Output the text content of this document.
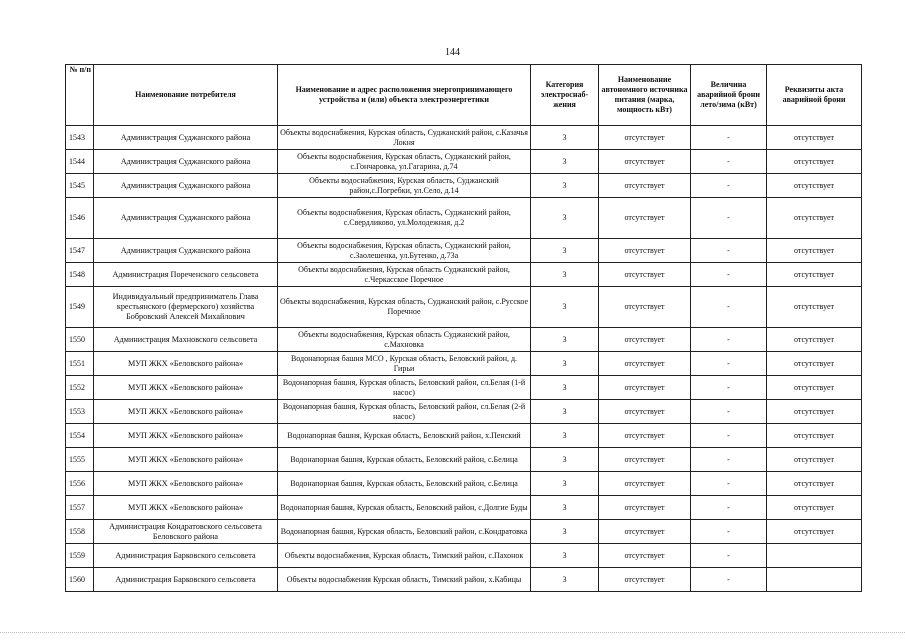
144
№ п/п	Наименование потребителя	Наименование и адрес расположения энергопринимающего устройства и (или) объекта электроэнергетики	Категория электроснаб-жения	Наименование автономного источника питания (марка, мощность кВт)	Величина аварийной брони лето/зима (кВт)	Реквизиты акта аварийной брони
1543	Администрация Суджанского района	Объекты водоснабжения, Курская область, Суджанский район, с.Казачья Локня	3	отсутствует	-	отсутствует
1544	Администрация Суджанского района	Объекты водоснабжения, Курская область, Суджанский район, с.Гончаровка, ул.Гагарина, д.74	3	отсутствует	-	отсутствует
1545	Администрация Суджанского района	Объекты водоснабжения, Курская область, Суджанский район,с.Погребки, ул.Село, д.14	3	отсутствует	-	отсутствует
1546	Администрация Суджанского района	Объекты водоснабжения, Курская область, Суджанский район, с.Свердликово, ул.Молодежная, д.2	3	отсутствует	-	отсутствует
1547	Администрация Суджанского района	Объекты водоснабжения, Курская область, Суджанский район, с.Заолешенка, ул.Бутенко, д.73а	3	отсутствует	-	отсутствует
1548	Администрация Пореченского сельсовета	Объекты водоснабжения, Курская область Суджанский район, с.Черкасское Поречное	3	отсутствует	-	отсутствует
1549	Индивидуальный предприниматель Глава крестьянского (фермерского) хозяйства Бобровский Алексей Михайлович	Объекты водоснабжения, Курская область, Суджанский район, с.Русское Поречное	3	отсутствует	-	отсутствует
1550	Администрация Махновского сельсовета	Объекты водоснабжения, Курская область Суджанский район, с.Махновка	3	отсутствует	-	отсутствует
1551	МУП ЖКХ «Беловского района»	Водонапорная башня МСО , Курская область, Беловский район, д. Гирьи	3	отсутствует	-	отсутствует
1552	МУП ЖКХ «Беловского района»	Водонапорная башня, Курская область, Беловский район, сл.Белая (1-й насос)	3	отсутствует	-	отсутствует
1553	МУП ЖКХ «Беловского района»	Водонапорная башня, Курская область, Беловский район, сл.Белая (2-й насос)	3	отсутствует	-	отсутствует
1554	МУП ЖКХ «Беловского района»	Водонапорная башня, Курская область, Беловский район, х.Пенский	3	отсутствует	-	отсутствует
1555	МУП ЖКХ «Беловского района»	Водонапорная башня, Курская область, Беловский район, с.Белица	3	отсутствует	-	отсутствует
1556	МУП ЖКХ «Беловского района»	Водонапорная башня, Курская область, Беловский район, с.Белица	3	отсутствует	-	отсутствует
1557	МУП ЖКХ «Беловского района»	Водонапорная башня, Курская область, Беловский район, с.Долгие Буды	3	отсутствует	-	отсутствует
1558	Администрация Кондратовского сельсовета Беловского района	Водонапорная башня, Курская область, Беловский район, с.Кондратовка	3	отсутствует	-	отсутствует
1559	Администрация Барковского сельсовета	Объекты водоснабжения, Курская область, Тимский район, с.Пахонок	3	отсутствует	-	
1560	Администрация Барковского сельсовета	Объекты водоснабжения Курская область, Тимский район, х.Кабицы	3	отсутствует	-	
